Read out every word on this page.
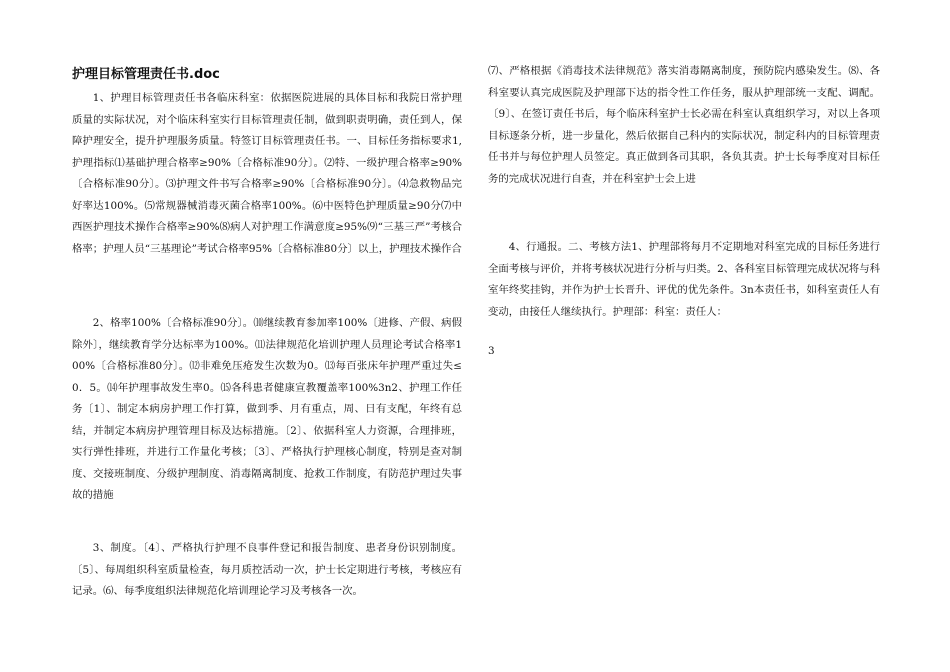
护理目标管理责任书.doc

1、护理目标管理责任书各临床科室：依据医院进展的具体目标和我院日常护理质量的实际状况，对个临床科室实行目标管理责任制，做到职责明确，责任到人，保障护理安全，提升护理服务质量。特签订目标管理责任书。一、目标任务指标要求1,护理指标⑴基础护理合格率≥90%〔合格标准90分〕。⑵特、一级护理合格率≥90%〔合格标准90分〕。⑶护理文件书写合格率≥90%〔合格标准90分〕。⑷急救物品完好率达100%。⑸常规器械消毒灭菌合格率100%。⑹中医特色护理质量≥90分⑺中西医护理技术操作合格率≥90%⑻病人对护理工作满意度≥95%⑼“三基三严”考核合格率；护理人员“三基理论”考试合格率95%〔合格标准80分〕以上，护理技术操作合

2、格率100%〔合格标准90分〕。⑽继续教育参加率100%〔进修、产假、病假除外〕，继续教育学分达标率为100%。⑾法律规范化培训护理人员理论考试合格率100%〔合格标准80分〕。⑿非难免压疮发生次数为0。⒀每百张床年护理严重过失≤0．5。⒁年护理事故发生率0。⒂各科患者健康宣教覆盖率100%3n2、护理工作任务〔1〕、制定本病房护理工作打算，做到季、月有重点，周、日有支配，年终有总结，并制定本病房护理管理目标及达标措施。〔2〕、依据科室人力资源，合理排班，实行弹性排班，并进行工作量化考核；〔3〕、严格执行护理核心制度，特别是查对制度、交接班制度、分级护理制度、消毒隔离制度、抢救工作制度，有防范护理过失事故的措施

3、制度。〔4〕、严格执行护理不良事件登记和报告制度、患者身份识别制度。〔5〕、每周组织科室质量检查，每月质控活动一次，护士长定期进行考核，考核应有记录。⑹、每季度组织法律规范化培训理论学习及考核各一次。

⑺、严格根据《消毒技术法律规范》落实消毒隔离制度，预防院内感染发生。⑻、各科室要认真完成医院及护理部下达的指令性工作任务，服从护理部统一支配、调配。〔9〕、在签订责任书后，每个临床科室护士长必需在科室认真组织学习，对以上各项目标逐条分析，进一步量化，然后依据自己科内的实际状况，制定科内的目标管理责任书并与每位护理人员签定。真正做到各司其职，各负其责。护士长每季度对目标任务的完成状况进行自查，并在科室护士会上进

4、行通报。二、考核方法1、护理部将每月不定期地对科室完成的目标任务进行全面考核与评价，并将考核状况进行分析与归类。2、各科室目标管理完成状况将与科室年终奖挂钩，并作为护士长晋升、评优的优先条件。3n本责任书，如科室责任人有变动，由接任人继续执行。护理部：科室：责任人：

3
